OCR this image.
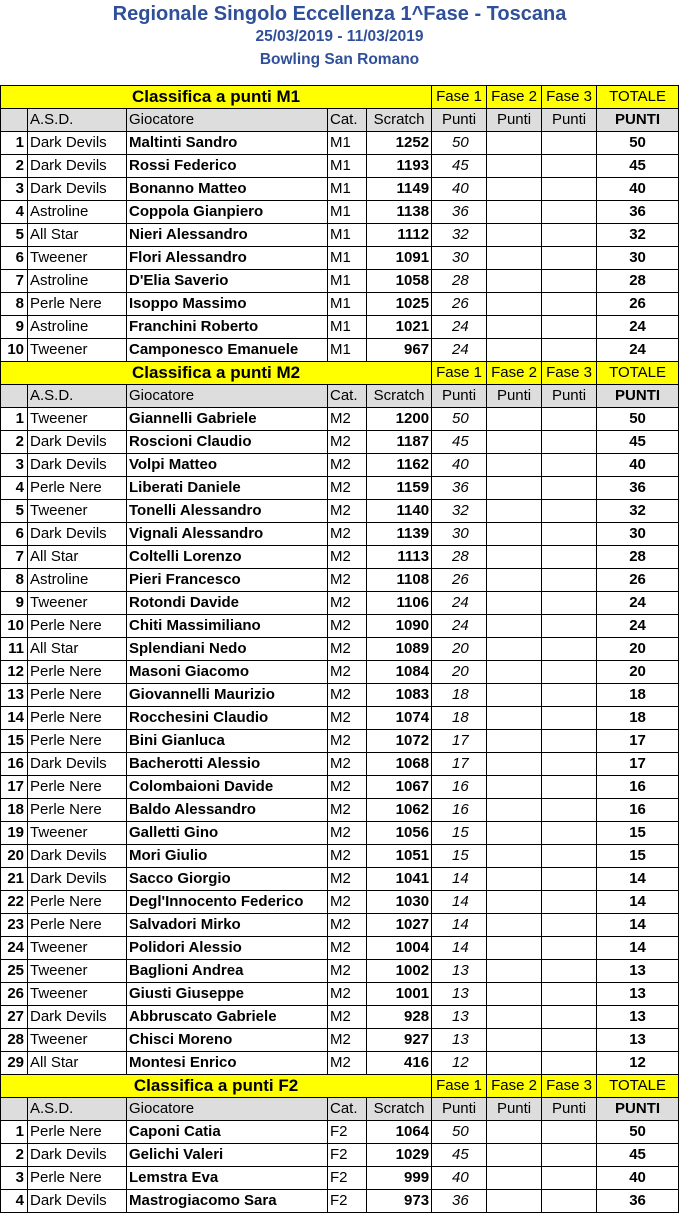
Regionale Singolo Eccellenza 1^Fase - Toscana
25/03/2019 - 11/03/2019
Bowling San Romano
Classifica a punti M1					Fase 1	Fase 2	Fase 3	TOTALE
	A.S.D.	Giocatore	Cat.	Scratch	Punti	Punti	Punti	PUNTI
1	Dark Devils	Maltinti Sandro	M1	1252	50			50
2	Dark Devils	Rossi Federico	M1	1193	45			45
3	Dark Devils	Bonanno Matteo	M1	1149	40			40
4	Astroline	Coppola Gianpiero	M1	1138	36			36
5	All Star	Nieri Alessandro	M1	1112	32			32
6	Tweener	Flori Alessandro	M1	1091	30			30
7	Astroline	D'Elia Saverio	M1	1058	28			28
8	Perle Nere	Isoppo Massimo	M1	1025	26			26
9	Astroline	Franchini Roberto	M1	1021	24			24
10	Tweener	Camponesco Emanuele	M1	967	24			24
Classifica a punti M2					Fase 1	Fase 2	Fase 3	TOTALE
	A.S.D.	Giocatore	Cat.	Scratch	Punti	Punti	Punti	PUNTI
1	Tweener	Giannelli Gabriele	M2	1200	50			50
2	Dark Devils	Roscioni Claudio	M2	1187	45			45
3	Dark Devils	Volpi Matteo	M2	1162	40			40
4	Perle Nere	Liberati Daniele	M2	1159	36			36
5	Tweener	Tonelli Alessandro	M2	1140	32			32
6	Dark Devils	Vignali Alessandro	M2	1139	30			30
7	All Star	Coltelli Lorenzo	M2	1113	28			28
8	Astroline	Pieri Francesco	M2	1108	26			26
9	Tweener	Rotondi Davide	M2	1106	24			24
10	Perle Nere	Chiti Massimiliano	M2	1090	24			24
11	All Star	Splendiani Nedo	M2	1089	20			20
12	Perle Nere	Masoni Giacomo	M2	1084	20			20
13	Perle Nere	Giovannelli Maurizio	M2	1083	18			18
14	Perle Nere	Rocchesini Claudio	M2	1074	18			18
15	Perle Nere	Bini Gianluca	M2	1072	17			17
16	Dark Devils	Bacherotti Alessio	M2	1068	17			17
17	Perle Nere	Colombaioni Davide	M2	1067	16			16
18	Perle Nere	Baldo Alessandro	M2	1062	16			16
19	Tweener	Galletti Gino	M2	1056	15			15
20	Dark Devils	Mori Giulio	M2	1051	15			15
21	Dark Devils	Sacco Giorgio	M2	1041	14			14
22	Perle Nere	Degl'Innocento Federico	M2	1030	14			14
23	Perle Nere	Salvadori Mirko	M2	1027	14			14
24	Tweener	Polidori Alessio	M2	1004	14			14
25	Tweener	Baglioni Andrea	M2	1002	13			13
26	Tweener	Giusti Giuseppe	M2	1001	13			13
27	Dark Devils	Abbruscato Gabriele	M2	928	13			13
28	Tweener	Chisci Moreno	M2	927	13			13
29	All Star	Montesi Enrico	M2	416	12			12
Classifica a punti F2					Fase 1	Fase 2	Fase 3	TOTALE
	A.S.D.	Giocatore	Cat.	Scratch	Punti	Punti	Punti	PUNTI
1	Perle Nere	Caponi Catia	F2	1064	50			50
2	Dark Devils	Gelichi Valeri	F2	1029	45			45
3	Perle Nere	Lemstra Eva	F2	999	40			40
4	Dark Devils	Mastrogiacomo Sara	F2	973	36			36
